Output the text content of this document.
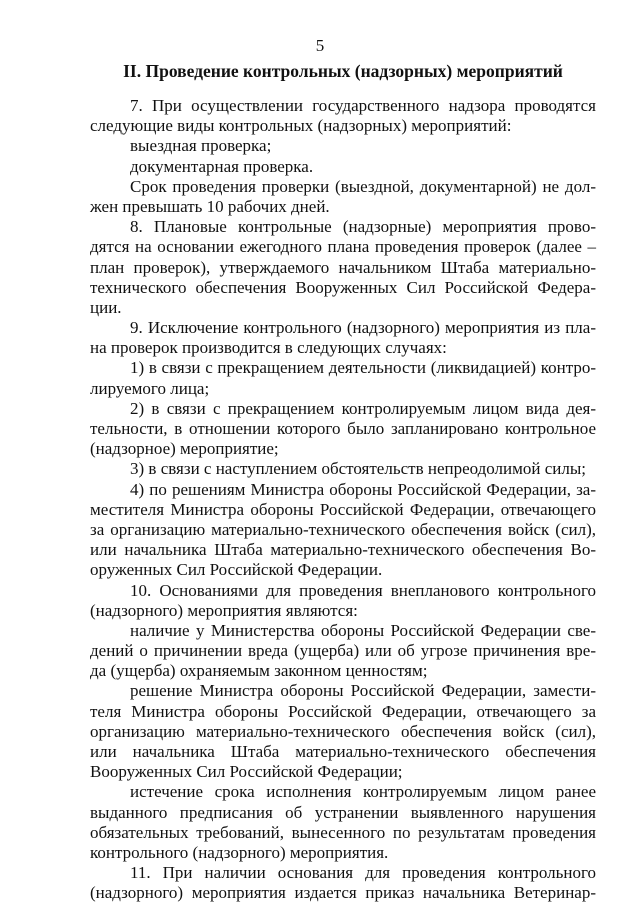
5
II. Проведение контрольных (надзорных) мероприятий
7. При осуществлении государственного надзора проводятся
следующие виды контрольных (надзорных) мероприятий:
выездная проверка;
документарная проверка.
Срок проведения проверки (выездной, документарной) не дол-
жен превышать 10 рабочих дней.
8. Плановые контрольные (надзорные) мероприятия прово-
дятся на основании ежегодного плана проведения проверок (далее –
план проверок), утверждаемого начальником Штаба материально-
технического обеспечения Вооруженных Сил Российской Федера-
ции.
9. Исключение контрольного (надзорного) мероприятия из пла-
на проверок производится в следующих случаях:
1) в связи с прекращением деятельности (ликвидацией) контро-
лируемого лица;
2) в связи с прекращением контролируемым лицом вида дея-
тельности, в отношении которого было запланировано контрольное
(надзорное) мероприятие;
3) в связи с наступлением обстоятельств непреодолимой силы;
4) по решениям Министра обороны Российской Федерации, за-
местителя Министра обороны Российской Федерации, отвечающего
за организацию материально-технического обеспечения войск (сил),
или начальника Штаба материально-технического обеспечения Во-
оруженных Сил Российской Федерации.
10. Основаниями для проведения внепланового контрольного
(надзорного) мероприятия являются:
наличие у Министерства обороны Российской Федерации све-
дений о причинении вреда (ущерба) или об угрозе причинения вре-
да (ущерба) охраняемым законном ценностям;
решение Министра обороны Российской Федерации, замести-
теля Министра обороны Российской Федерации, отвечающего за
организацию материально-технического обеспечения войск (сил),
или начальника Штаба материально-технического обеспечения
Вооруженных Сил Российской Федерации;
истечение срока исполнения контролируемым лицом ранее
выданного предписания об устранении выявленного нарушения
обязательных требований, вынесенного по результатам проведения
контрольного (надзорного) мероприятия.
11. При наличии основания для проведения контрольного
(надзорного) мероприятия издается приказ начальника Ветеринар-
